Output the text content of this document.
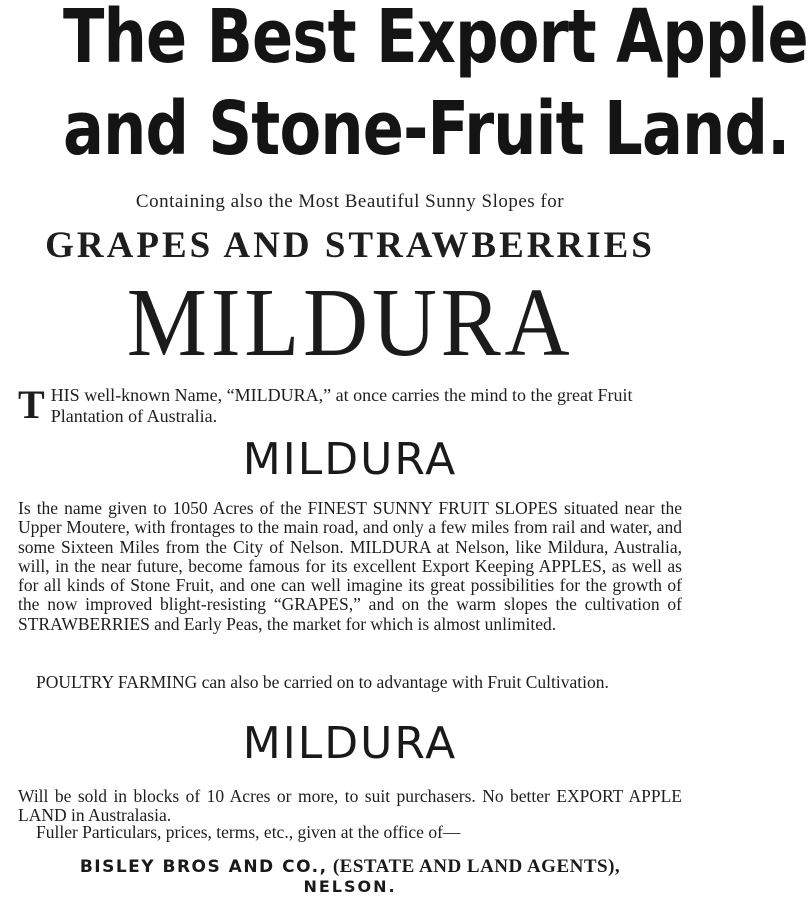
The Best Export Apple
and Stone-Fruit Land.
Containing also the Most Beautiful Sunny Slopes for
GRAPES AND STRAWBERRIES
MILDURA
T HIS well-known Name, “MILDURA,” at once carries the mind to the great Fruit Plantation of Australia.
MILDURA
Is the name given to 1050 Acres of the FINEST SUNNY FRUIT SLOPES situated near the Upper Moutere, with frontages to the main road, and only a few miles from rail and water, and some Sixteen Miles from the City of Nelson. MILDURA at Nelson, like Mildura, Australia, will, in the near future, become famous for its excellent Export Keeping APPLES, as well as for all kinds of Stone Fruit, and one can well imagine its great possibilities for the growth of the now improved blight-resisting “GRAPES,” and on the warm slopes the cultivation of STRAWBERRIES and Early Peas, the market for which is almost unlimited.
POULTRY FARMING can also be carried on to advantage with Fruit Cultivation.
MILDURA
Will be sold in blocks of 10 Acres or more, to suit purchasers. No better EXPORT APPLE LAND in Australasia.
Fuller Particulars, prices, terms, etc., given at the office of—
BISLEY BROS AND CO., (ESTATE AND LAND AGENTS),
NELSON.
